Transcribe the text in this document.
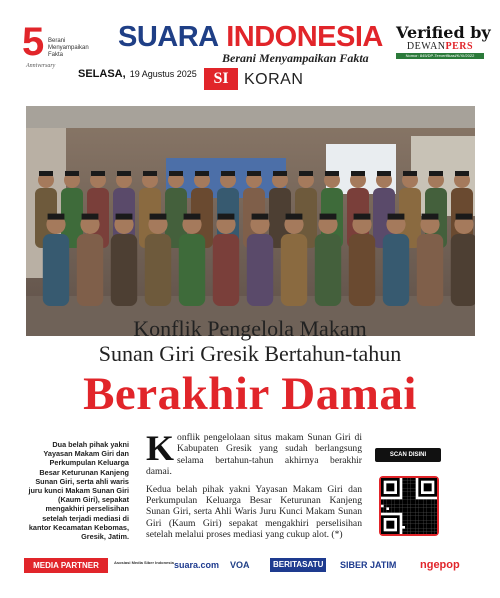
5 Berani Menyampaikan Fakta
Anniversary
SUARA INDONESIA
Berani Menyampaikan Fakta
Verified by
DEWANPERS
Nomor: 845/DP-Terverifikasi/K/XI/2022
SELASA, 19 Agustus 2025	SI KORAN
Konflik Pengelola Makam
Sunan Giri Gresik Bertahun-tahun
Berakhir Damai
Dua belah pihak yakni Yayasan Makam Giri dan Perkumpulan Keluarga Besar Keturunan Kanjeng Sunan Giri, serta ahli waris juru kunci Makam Sunan Giri (Kaum Giri), sepakat mengakhiri perselisihan setelah terjadi mediasi di kantor Kecamatan Kebomas, Gresik, Jatim.

Konflik pengelolaan situs makam Sunan Giri di Kabupaten Gresik yang sudah berlangsung selama bertahun-tahun akhirnya berakhir damai.

Kedua belah pihak yakni Yayasan Makam Giri dan Perkumpulan Keluarga Besar Keturunan Kanjeng Sunan Giri, serta Ahli Waris Juru Kunci Makam Sunan Giri (Kaum Giri) sepakat mengakhiri perselisihan setelah melalui proses mediasi yang cukup alot. (*)

SCAN DISINI
MEDIA PARTNER	Asosiasi Media Siber Indonesia suara.com VOA	BERITASATU	SIBER JATIM ngepop
